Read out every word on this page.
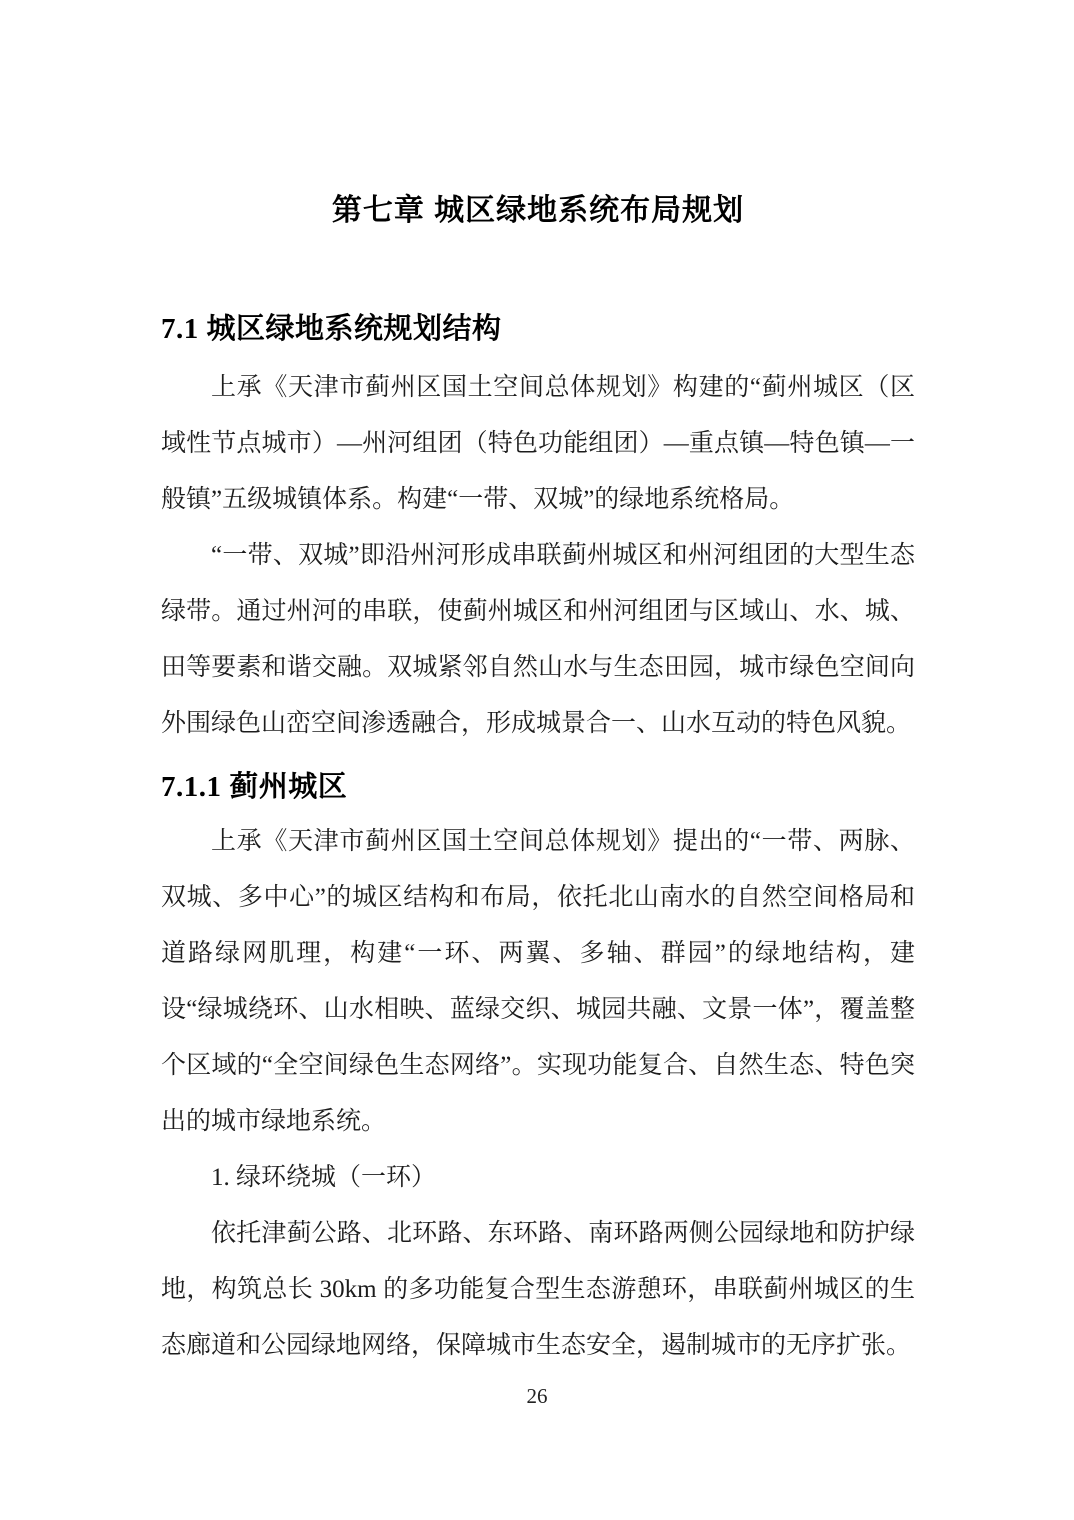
第七章 城区绿地系统布局规划
7.1 城区绿地系统规划结构

上承《天津市蓟州区国土空间总体规划》构建的“蓟州城区（区域性节点城市）—州河组团（特色功能组团）—重点镇—特色镇—一般镇”五级城镇体系。构建“一带、双城”的绿地系统格局。

“一带、双城”即沿州河形成串联蓟州城区和州河组团的大型生态绿带。通过州河的串联，使蓟州城区和州河组团与区域山、水、城、田等要素和谐交融。双城紧邻自然山水与生态田园，城市绿色空间向外围绿色山峦空间渗透融合，形成城景合一、山水互动的特色风貌。

7.1.1 蓟州城区

上承《天津市蓟州区国土空间总体规划》提出的“一带、两脉、双城、多中心”的城区结构和布局，依托北山南水的自然空间格局和道路绿网肌理，构建“一环、两翼、多轴、群园”的绿地结构，建设“绿城绕环、山水相映、蓝绿交织、城园共融、文景一体”，覆盖整个区域的“全空间绿色生态网络”。实现功能复合、自然生态、特色突出的城市绿地系统。

1. 绿环绕城（一环）

依托津蓟公路、北环路、东环路、南环路两侧公园绿地和防护绿地，构筑总长 30km 的多功能复合型生态游憩环，串联蓟州城区的生态廊道和公园绿地网络，保障城市生态安全，遏制城市的无序扩张。

26
